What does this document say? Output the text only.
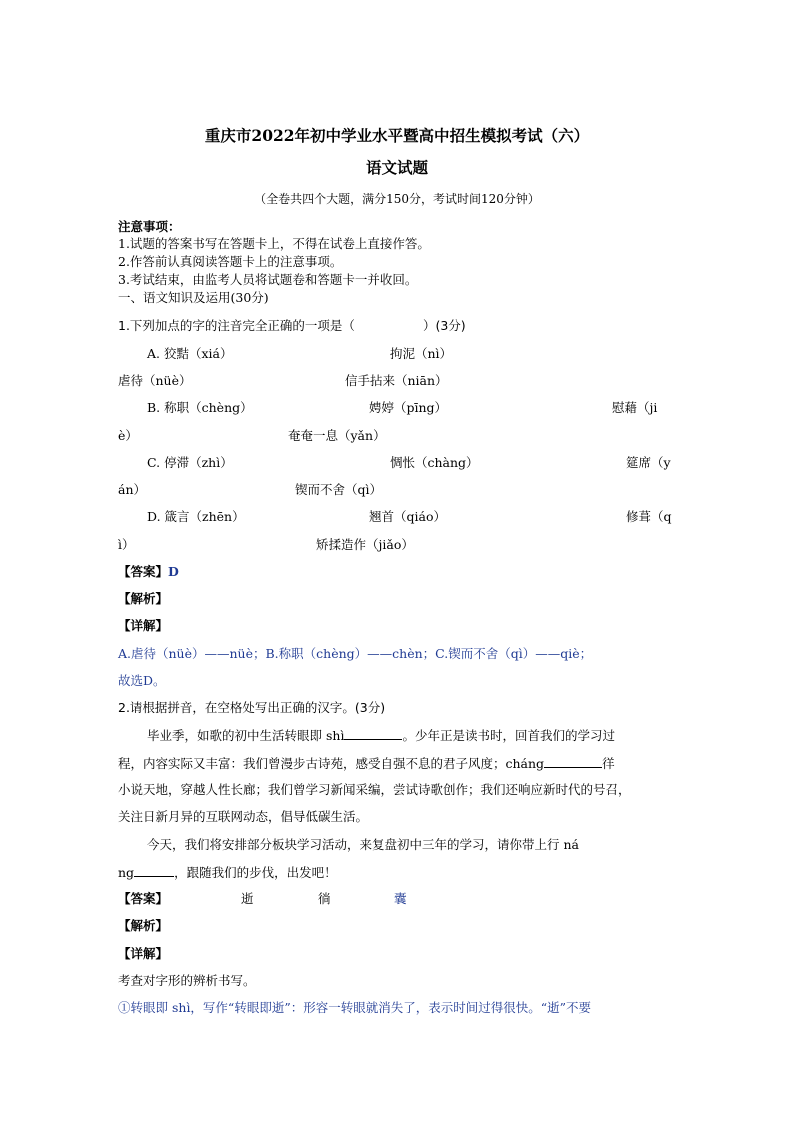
重庆市2022年初中学业水平暨高中招生模拟考试（六）
语文试题
（全卷共四个大题，满分150分，考试时间120分钟）
注意事项：
1.试题的答案书写在答题卡上，不得在试卷上直接作答。
2.作答前认真阅读答题卡上的注意事项。
3.考试结束，由监考人员将试题卷和答题卡一并收回。
一、语文知识及运用(30分)
1.下列加点的字的注音完全正确的一项是（	）(3分)
A. 狡黠（xiá）	拘泥（nì）
虐待（nüè）	信手拈来（niān）
B. 称职（chèng）	娉婷（pīng）	慰藉（ji
è）	奄奄一息（yǎn）
C. 停滞（zhì）	惆怅（chàng）	筵席（y
án）	锲而不舍（qì）
D. 箴言（zhēn）	翘首（qiáo）	修葺（q
ì）	矫揉造作（jiǎo）
【答案】D
【解析】
【详解】
A.虐待（nüè）——nüè；B.称职（chèng）——chèn；C.锲而不舍（qì）——qiè；
故选D。
2.请根据拼音，在空格处写出正确的汉字。(3分)
毕业季，如歌的初中生活转眼即 shì	。少年正是读书时，回首我们的学习过
程，内容实际又丰富：我们曾漫步古诗苑，感受自强不息的君子风度；cháng	徉
小说天地，穿越人性长廊；我们曾学习新闻采编，尝试诗歌创作；我们还响应新时代的号召，
关注日新月异的互联网动态，倡导低碳生活。
今天，我们将安排部分板块学习活动，来复盘初中三年的学习，请你带上行 ná
ng	，跟随我们的步伐，出发吧！
【答案】	逝	徜	囊
【解析】
【详解】
考查对字形的辨析书写。
①转眼即 shì，写作“转眼即逝”：形容一转眼就消失了，表示时间过得很快。“逝”不要
